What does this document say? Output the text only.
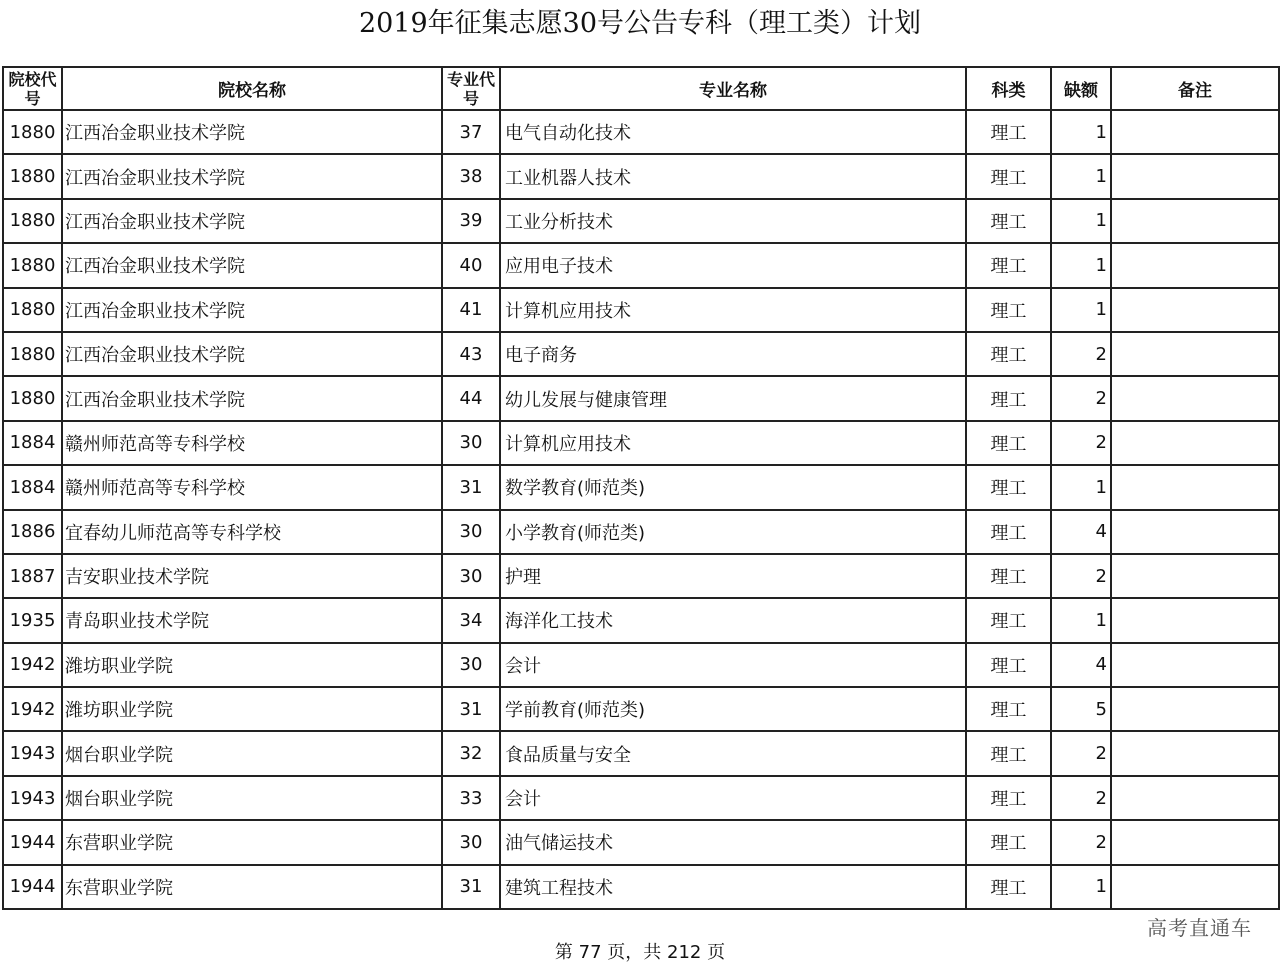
2019年征集志愿30号公告专科（理工类）计划
院校代号	院校名称	专业代号	专业名称	科类	缺额	备注
1880	江西冶金职业技术学院	37	电气自动化技术	理工	1	
1880	江西冶金职业技术学院	38	工业机器人技术	理工	1	
1880	江西冶金职业技术学院	39	工业分析技术	理工	1	
1880	江西冶金职业技术学院	40	应用电子技术	理工	1	
1880	江西冶金职业技术学院	41	计算机应用技术	理工	1	
1880	江西冶金职业技术学院	43	电子商务	理工	2	
1880	江西冶金职业技术学院	44	幼儿发展与健康管理	理工	2	
1884	赣州师范高等专科学校	30	计算机应用技术	理工	2	
1884	赣州师范高等专科学校	31	数学教育(师范类)	理工	1	
1886	宜春幼儿师范高等专科学校	30	小学教育(师范类)	理工	4	
1887	吉安职业技术学院	30	护理	理工	2	
1935	青岛职业技术学院	34	海洋化工技术	理工	1	
1942	潍坊职业学院	30	会计	理工	4	
1942	潍坊职业学院	31	学前教育(师范类)	理工	5	
1943	烟台职业学院	32	食品质量与安全	理工	2	
1943	烟台职业学院	33	会计	理工	2	
1944	东营职业学院	30	油气储运技术	理工	2	
1944	东营职业学院	31	建筑工程技术	理工	1	
高考直通车
第 77 页，共 212 页
